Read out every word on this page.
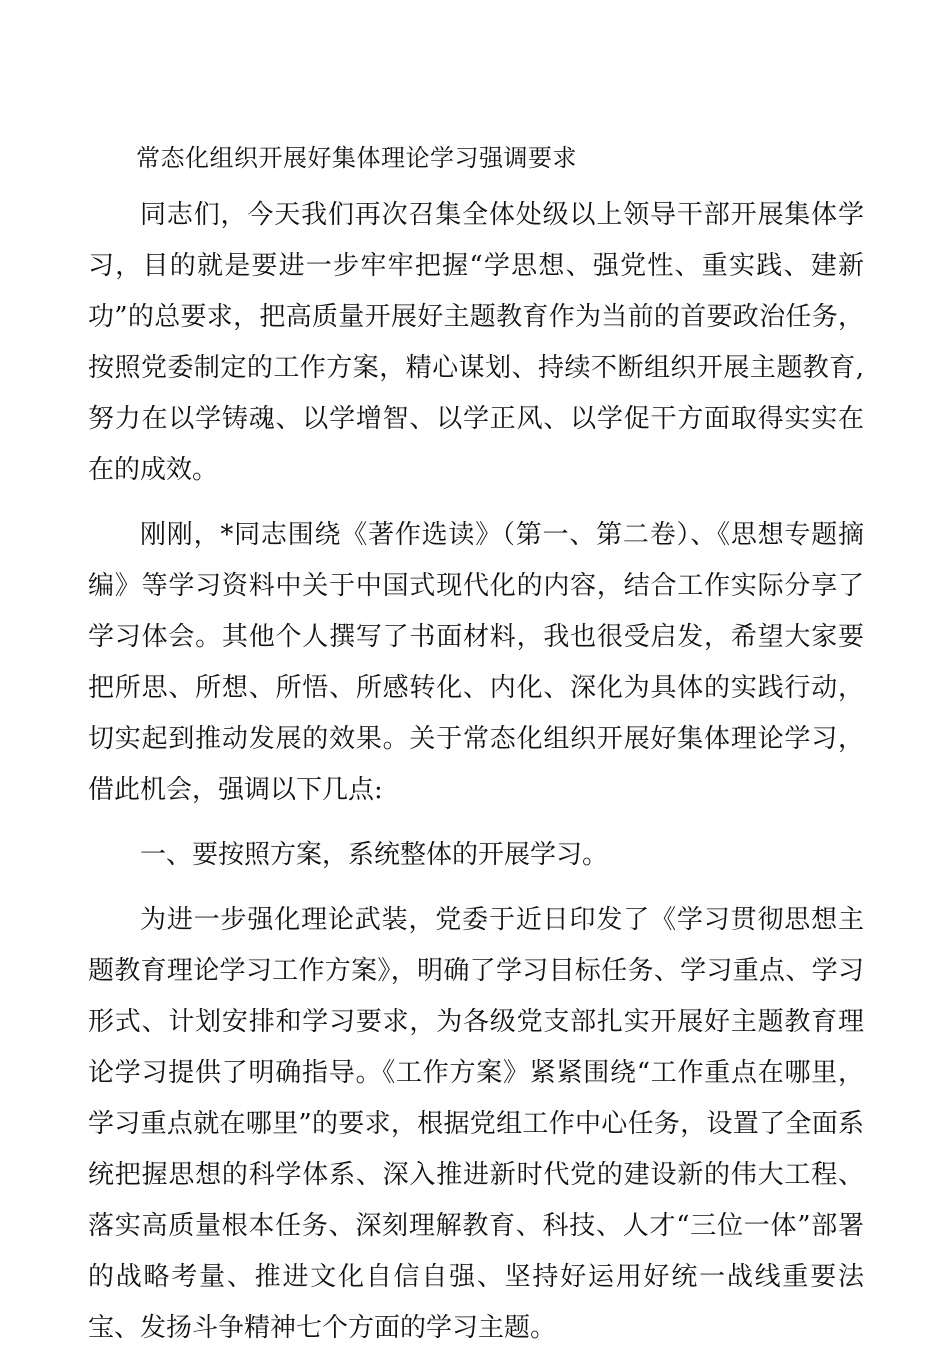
常态化组织开展好集体理论学习强调要求

同志们，今天我们再次召集全体处级以上领导干部开展集体学习，目的就是要进一步牢牢把握“学思想、强党性、重实践、建新功”的总要求，把高质量开展好主题教育作为当前的首要政治任务，按照党委制定的工作方案，精心谋划、持续不断组织开展主题教育,努力在以学铸魂、以学增智、以学正风、以学促干方面取得实实在在的成效。

刚刚，*同志围绕《著作选读》（第一、第二卷）、《思想专题摘编》等学习资料中关于中国式现代化的内容，结合工作实际分享了学习体会。其他个人撰写了书面材料，我也很受启发，希望大家要把所思、所想、所悟、所感转化、内化、深化为具体的实践行动，切实起到推动发展的效果。关于常态化组织开展好集体理论学习，借此机会，强调以下几点:

一、要按照方案，系统整体的开展学习。

为进一步强化理论武装，党委于近日印发了《学习贯彻思想主题教育理论学习工作方案》，明确了学习目标任务、学习重点、学习形式、计划安排和学习要求，为各级党支部扎实开展好主题教育理论学习提供了明确指导。《工作方案》紧紧围绕“工作重点在哪里，学习重点就在哪里”的要求，根据党组工作中心任务，设置了全面系统把握思想的科学体系、深入推进新时代党的建设新的伟大工程、落实高质量根本任务、深刻理解教育、科技、人才“三位一体”部署的战略考量、推进文化自信自强、坚持好运用好统一战线重要法宝、发扬斗争精神七个方面的学习主题。
